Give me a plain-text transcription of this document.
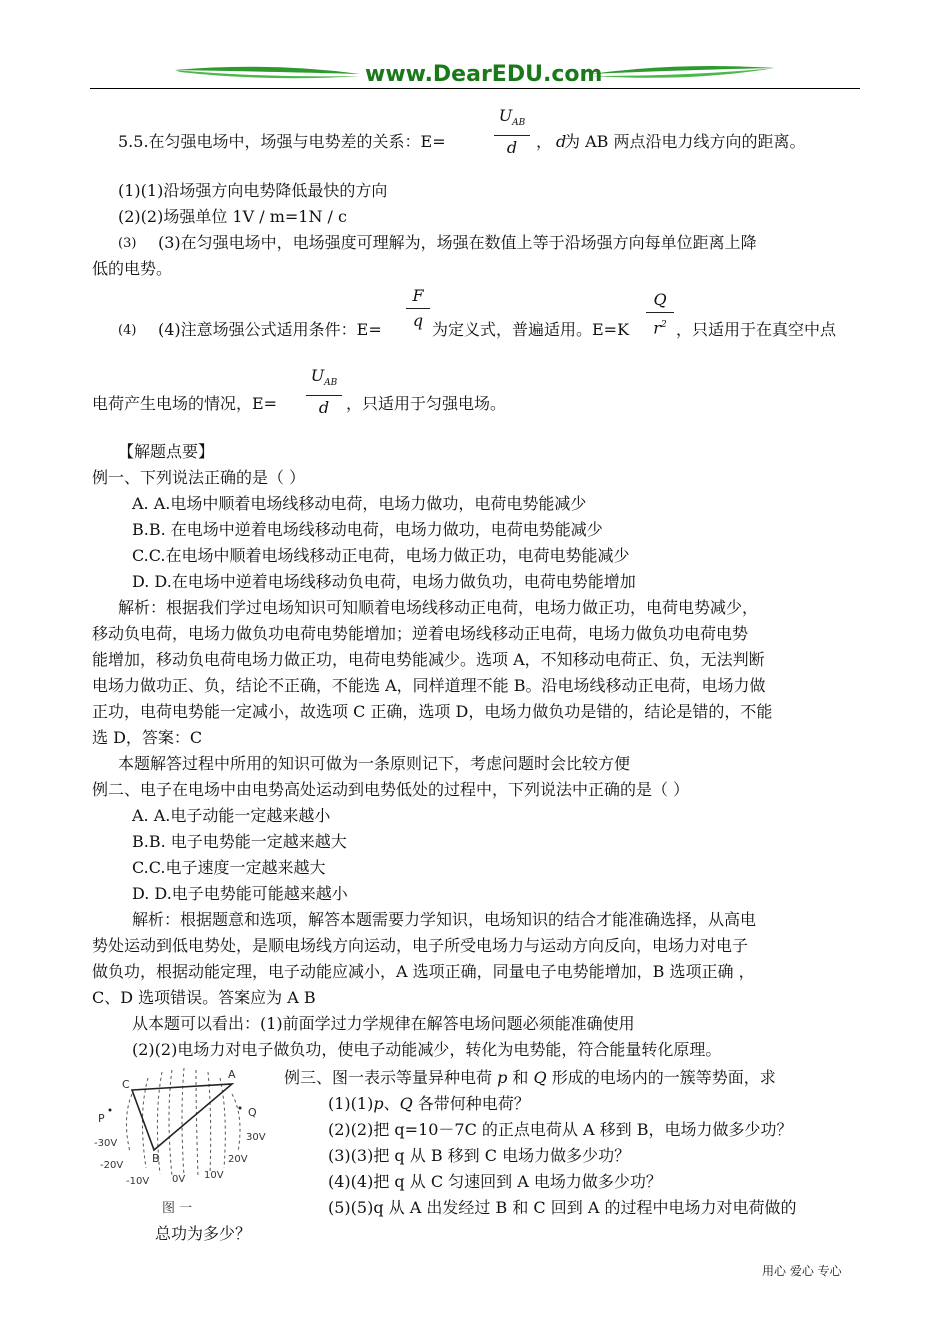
www.DearEDU.com
5.5.在匀强电场中，场强与电势差的关系：E=
$U_{AB}$
d	， d
为 AB 两点沿电力线方向的距离。
(1)(1)沿场强方向电势降低最快的方向
(2)(2)场强单位 1V / m=1N / c
(3) (3)在匀强电场中，电场强度可理解为，场强在数值上等于沿场强方向每单位距离上降
低的电势。
(4) (4)注意场强公式适用条件：$E= \frac{F}{q}$ 为定义式，普遍适用。$E=K \frac{Q}{r^2}$ ，只适用于在真空中点
电荷产生电场的情况，E=
$U_{AB}$
d	，只适用于匀强电场。
【解题点要】
例一、下列说法正确的是（ ）
A. A.电场中顺着电场线移动电荷，电场力做功，电荷电势能减少
B.B. 在电场中逆着电场线移动电荷，电场力做功，电荷电势能减少
C.C.在电场中顺着电场线移动正电荷，电场力做正功，电荷电势能减少
D. D.在电场中逆着电场线移动负电荷，电场力做负功，电荷电势能增加
解析：根据我们学过电场知识可知顺着电场线移动正电荷，电场力做正功，电荷电势减少，
移动负电荷，电场力做负功电荷电势能增加；逆着电场线移动正电荷，电场力做负功电荷电势
能增加，移动负电荷电场力做正功，电荷电势能减少。选项 A，不知移动电荷正、负，无法判断
电场力做功正、负，结论不正确，不能选 A，同样道理不能 B。沿电场线移动正电荷，电场力做
正功，电荷电势能一定减小，故选项 C 正确，选项 D，电场力做负功是错的，结论是错的，不能
选 D，答案：C
本题解答过程中所用的知识可做为一条原则记下，考虑问题时会比较方便
例二、电子在电场中由电势高处运动到电势低处的过程中，下列说法中正确的是（ ）
A. A.电子动能一定越来越小
B.B. 电子电势能一定越来越大
C.C.电子速度一定越来越大
D. D.电子电势能可能越来越小
解析：根据题意和选项，解答本题需要力学知识，电场知识的结合才能准确选择，从高电
势处运动到低电势处，是顺电场线方向运动，电子所受电场力与运动方向反向，电场力对电子
做负功，根据动能定理，电子动能应减小，A 选项正确，同量电子电势能增加，B 选项正确 ，
C、D 选项错误。答案应为 A B
从本题可以看出：(1)前面学过力学规律在解答电场问题必须能准确使用
(2)(2)电场力对电子做负功，使电子动能减少，转化为电势能，符合能量转化原理。
C
A
B
P	Q
-30V
-20V
-10V 0V 10V
20V
30V
图 一
例三、图一表示等量异种电荷 p 和 Q 形成的电场内的一簇等势面，求
(1)(1)p、Q 各带何种电荷？
(2)(2)把 q=10－7C 的正点电荷从 A 移到 B，电场力做多少功？
(3)(3)把 q 从 B 移到 C 电场力做多少功？
(4)(4)把 q 从 C 匀速回到 A 电场力做多少功？
(5)(5)q 从 A 出发经过 B 和 C 回到 A 的过程中电场力对电荷做的
总功为多少？
用心 爱心 专心
